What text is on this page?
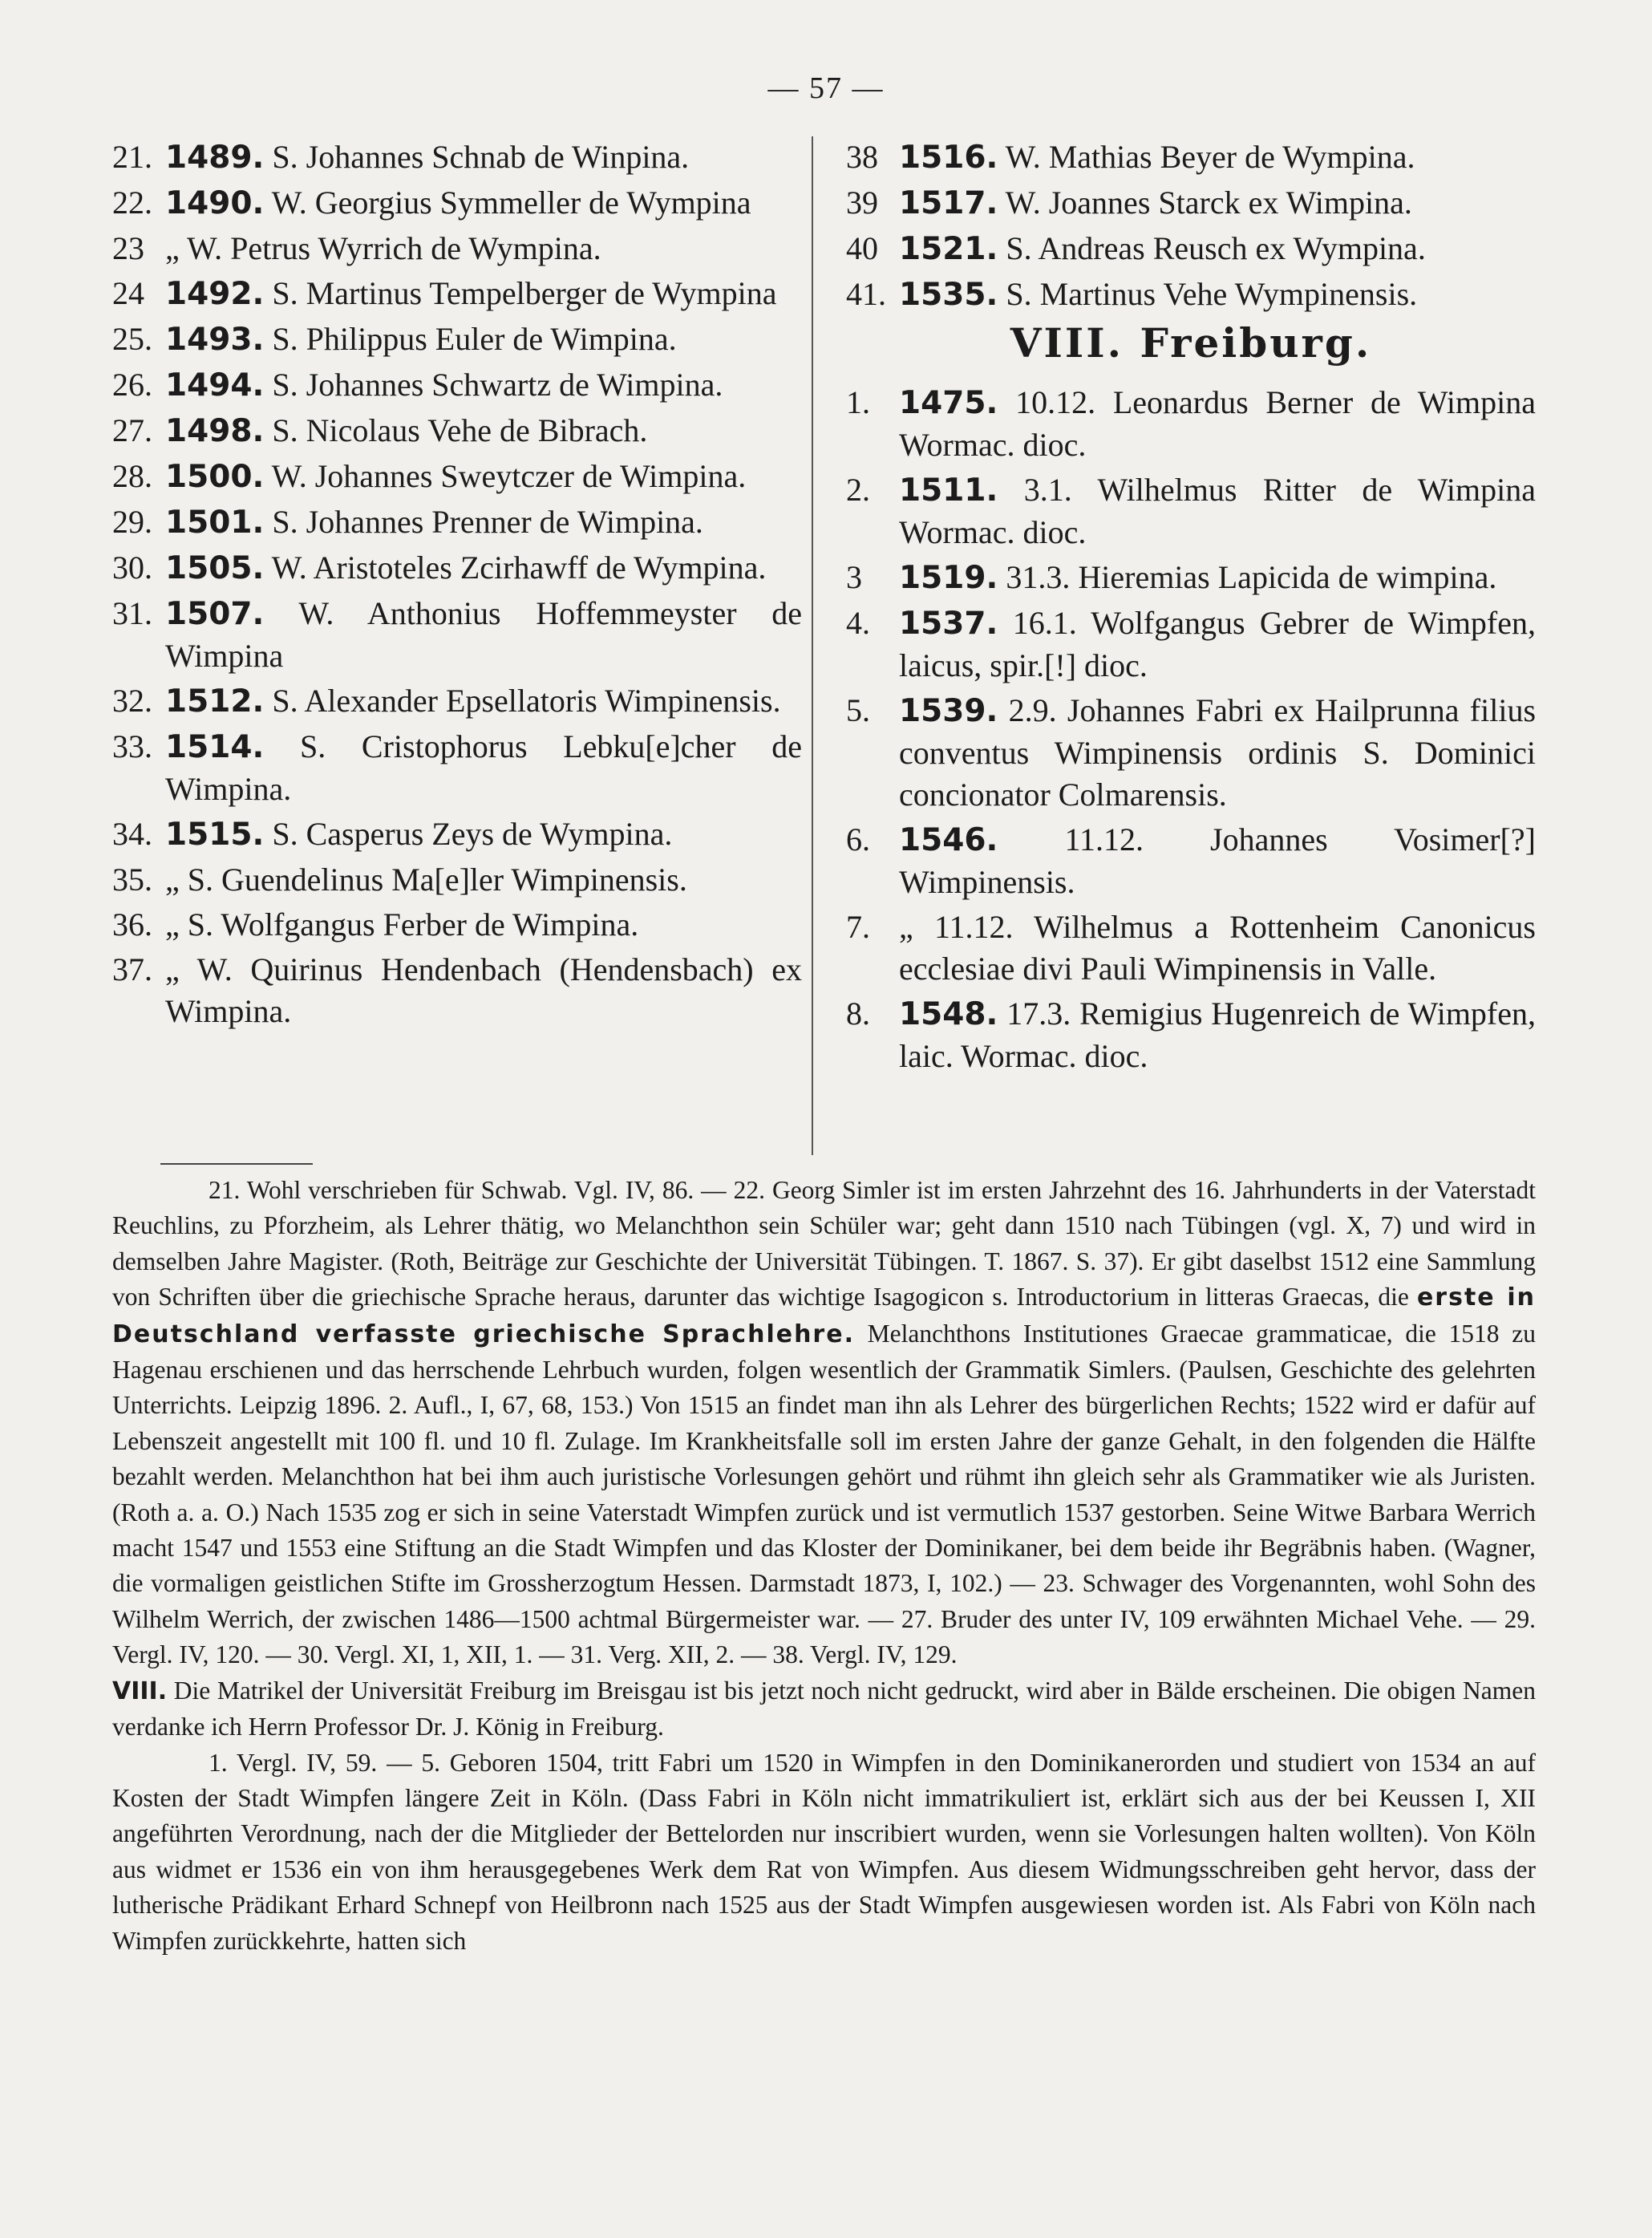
— 57 —
21. 1489. S. Johannes Schnab de Winpina.
22. 1490. W. Georgius Symmeller de Wympina
23 „ W. Petrus Wyrrich de Wympina.
24 1492. S. Martinus Tempelberger de Wympina
25. 1493. S. Philippus Euler de Wimpina.
26. 1494. S. Johannes Schwartz de Wimpina.
27. 1498. S. Nicolaus Vehe de Bibrach.
28. 1500. W. Johannes Sweytczer de Wimpina.
29. 1501. S. Johannes Prenner de Wimpina.
30. 1505. W. Aristoteles Zcirhawff de Wympina.
31. 1507. W. Anthonius Hoffemmeyster de Wimpina
32. 1512. S. Alexander Epsellatoris Wimpinensis.
33. 1514. S. Cristophorus Lebku[e]cher de Wimpina.
34. 1515. S. Casperus Zeys de Wympina.
35. „ S. Guendelinus Ma[e]ler Wimpinensis.
36. „ S. Wolfgangus Ferber de Wimpina.
37. „ W. Quirinus Hendenbach (Hendensbach) ex Wimpina.
38 1516. W. Mathias Beyer de Wympina.
39 1517. W. Joannes Starck ex Wimpina.
40 1521. S. Andreas Reusch ex Wympina.
41. 1535. S. Martinus Vehe Wympinensis.
VIII. Freiburg.
1. 1475. 10.12. Leonardus Berner de Wimpina Wormac. dioc.
2. 1511. 3.1. Wilhelmus Ritter de Wimpina Wormac. dioc.
3 1519. 31.3. Hieremias Lapicida de wimpina.
4. 1537. 16.1. Wolfgangus Gebrer de Wimpfen, laicus, spir.[!] dioc.
5. 1539. 2.9. Johannes Fabri ex Hailprunna filius conventus Wimpinensis ordinis S. Dominici concionator Colmarensis.
6. 1546. 11.12. Johannes Vosimer[?] Wimpinensis.
7. „ 11.12. Wilhelmus a Rottenheim Canonicus ecclesiae divi Pauli Wimpinensis in Valle.
8. 1548. 17.3. Remigius Hugenreich de Wimpfen, laic. Wormac. dioc.

21. Wohl verschrieben für Schwab. Vgl. IV, 86. — 22. Georg Simler ist im ersten Jahrzehnt des 16. Jahrhunderts in der Vaterstadt Reuchlins, zu Pforzheim, als Lehrer thätig, wo Melanchthon sein Schüler war; geht dann 1510 nach Tübingen (vgl. X, 7) und wird in demselben Jahre Magister. (Roth, Beiträge zur Geschichte der Universität Tübingen. T. 1867. S. 37). Er gibt daselbst 1512 eine Sammlung von Schriften über die griechische Sprache heraus, darunter das wichtige Isagogicon s. Introductorium in litteras Graecas, die erste in Deutschland verfasste griechische Sprachlehre. Melanchthons Institutiones Graecae grammaticae, die 1518 zu Hagenau erschienen und das herrschende Lehrbuch wurden, folgen wesentlich der Grammatik Simlers. (Paulsen, Geschichte des gelehrten Unterrichts. Leipzig 1896. 2. Aufl., I, 67, 68, 153.) Von 1515 an findet man ihn als Lehrer des bürgerlichen Rechts; 1522 wird er dafür auf Lebenszeit angestellt mit 100 fl. und 10 fl. Zulage. Im Krankheitsfalle soll im ersten Jahre der ganze Gehalt, in den folgenden die Hälfte bezahlt werden. Melanchthon hat bei ihm auch juristische Vorlesungen gehört und rühmt ihn gleich sehr als Grammatiker wie als Juristen. (Roth a. a. O.) Nach 1535 zog er sich in seine Vaterstadt Wimpfen zurück und ist vermutlich 1537 gestorben. Seine Witwe Barbara Werrich macht 1547 und 1553 eine Stiftung an die Stadt Wimpfen und das Kloster der Dominikaner, bei dem beide ihr Begräbnis haben. (Wagner, die vormaligen geistlichen Stifte im Grossherzogtum Hessen. Darmstadt 1873, I, 102.) — 23. Schwager des Vorgenannten, wohl Sohn des Wilhelm Werrich, der zwischen 1486—1500 achtmal Bürgermeister war. — 27. Bruder des unter IV, 109 erwähnten Michael Vehe. — 29. Vergl. IV, 120. — 30. Vergl. XI, 1, XII, 1. — 31. Verg. XII, 2. — 38. Vergl. IV, 129.

VIII. Die Matrikel der Universität Freiburg im Breisgau ist bis jetzt noch nicht gedruckt, wird aber in Bälde erscheinen. Die obigen Namen verdanke ich Herrn Professor Dr. J. König in Freiburg.

1. Vergl. IV, 59. — 5. Geboren 1504, tritt Fabri um 1520 in Wimpfen in den Dominikanerorden und studiert von 1534 an auf Kosten der Stadt Wimpfen längere Zeit in Köln. (Dass Fabri in Köln nicht immatrikuliert ist, erklärt sich aus der bei Keussen I, XII angeführten Verordnung, nach der die Mitglieder der Bettelorden nur inscribiert wurden, wenn sie Vorlesungen halten wollten). Von Köln aus widmet er 1536 ein von ihm herausgegebenes Werk dem Rat von Wimpfen. Aus diesem Widmungsschreiben geht hervor, dass der lutherische Prädikant Erhard Schnepf von Heilbronn nach 1525 aus der Stadt Wimpfen ausgewiesen worden ist. Als Fabri von Köln nach Wimpfen zurückkehrte, hatten sich
